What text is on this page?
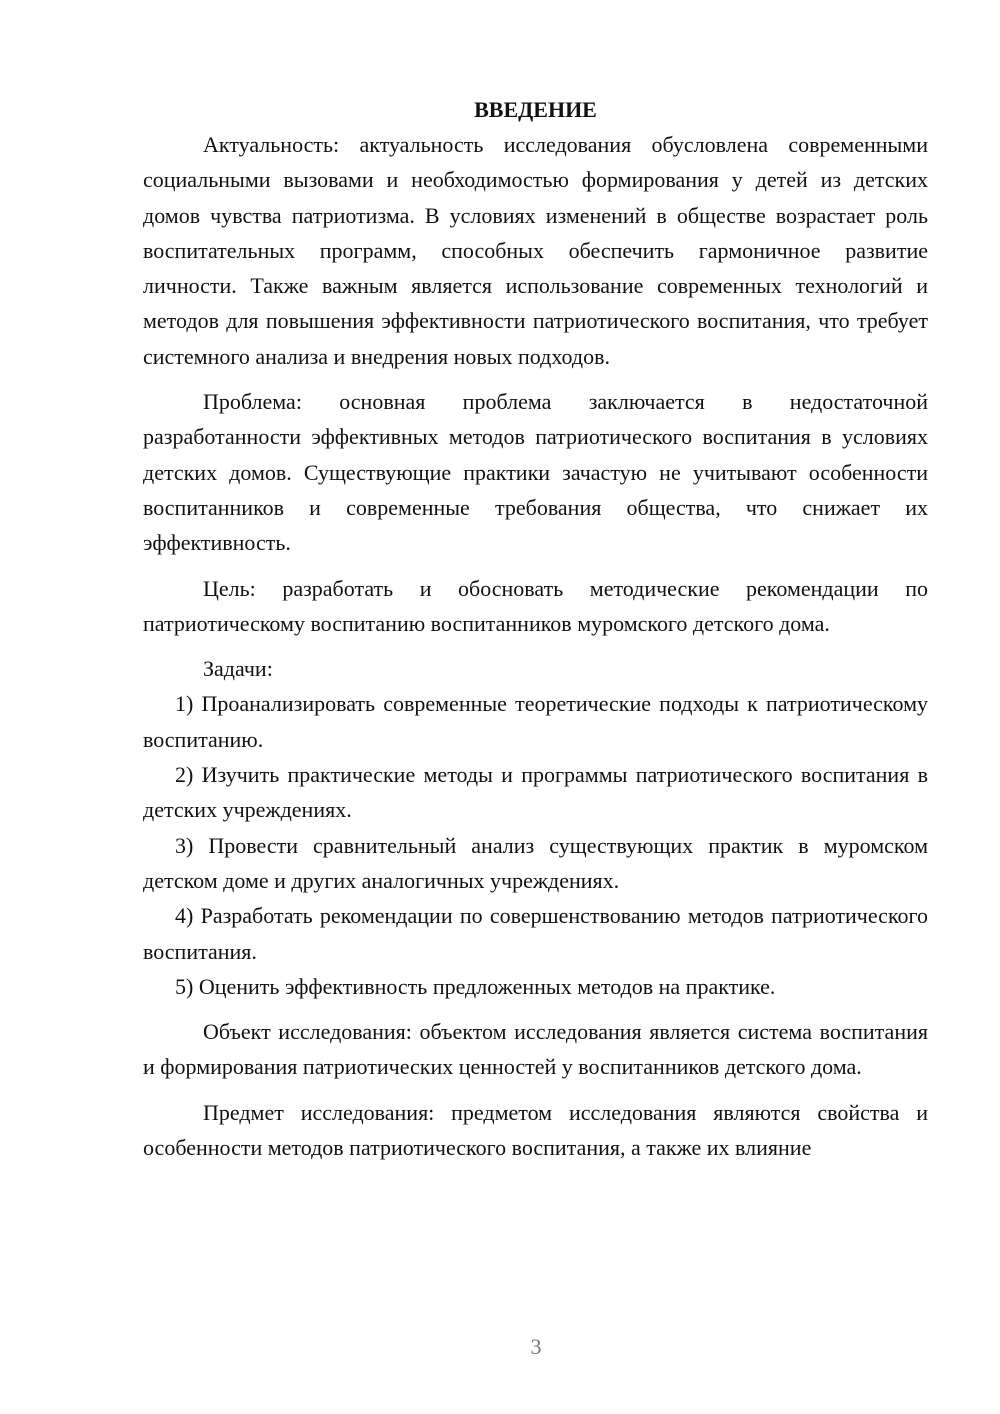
ВВЕДЕНИЕ

Актуальность: актуальность исследования обусловлена современными социальными вызовами и необходимостью формирования у детей из детских домов чувства патриотизма. В условиях изменений в обществе возрастает роль воспитательных программ, способных обеспечить гармоничное развитие личности. Также важным является использование современных технологий и методов для повышения эффективности патриотического воспитания, что требует системного анализа и внедрения новых подходов.

Проблема: основная проблема заключается в недостаточной разработанности эффективных методов патриотического воспитания в условиях детских домов. Существующие практики зачастую не учитывают особенности воспитанников и современные требования общества, что снижает их эффективность.

Цель: разработать и обосновать методические рекомендации по патриотическому воспитанию воспитанников муромского детского дома.

Задачи:

1) Проанализировать современные теоретические подходы к патриотическому воспитанию.

2) Изучить практические методы и программы патриотического воспитания в детских учреждениях.

3) Провести сравнительный анализ существующих практик в муромском детском доме и других аналогичных учреждениях.

4) Разработать рекомендации по совершенствованию методов патриотического воспитания.

5) Оценить эффективность предложенных методов на практике.

Объект исследования: объектом исследования является система воспитания и формирования патриотических ценностей у воспитанников детского дома.

Предмет исследования: предметом исследования являются свойства и особенности методов патриотического воспитания, а также их влияние

3
